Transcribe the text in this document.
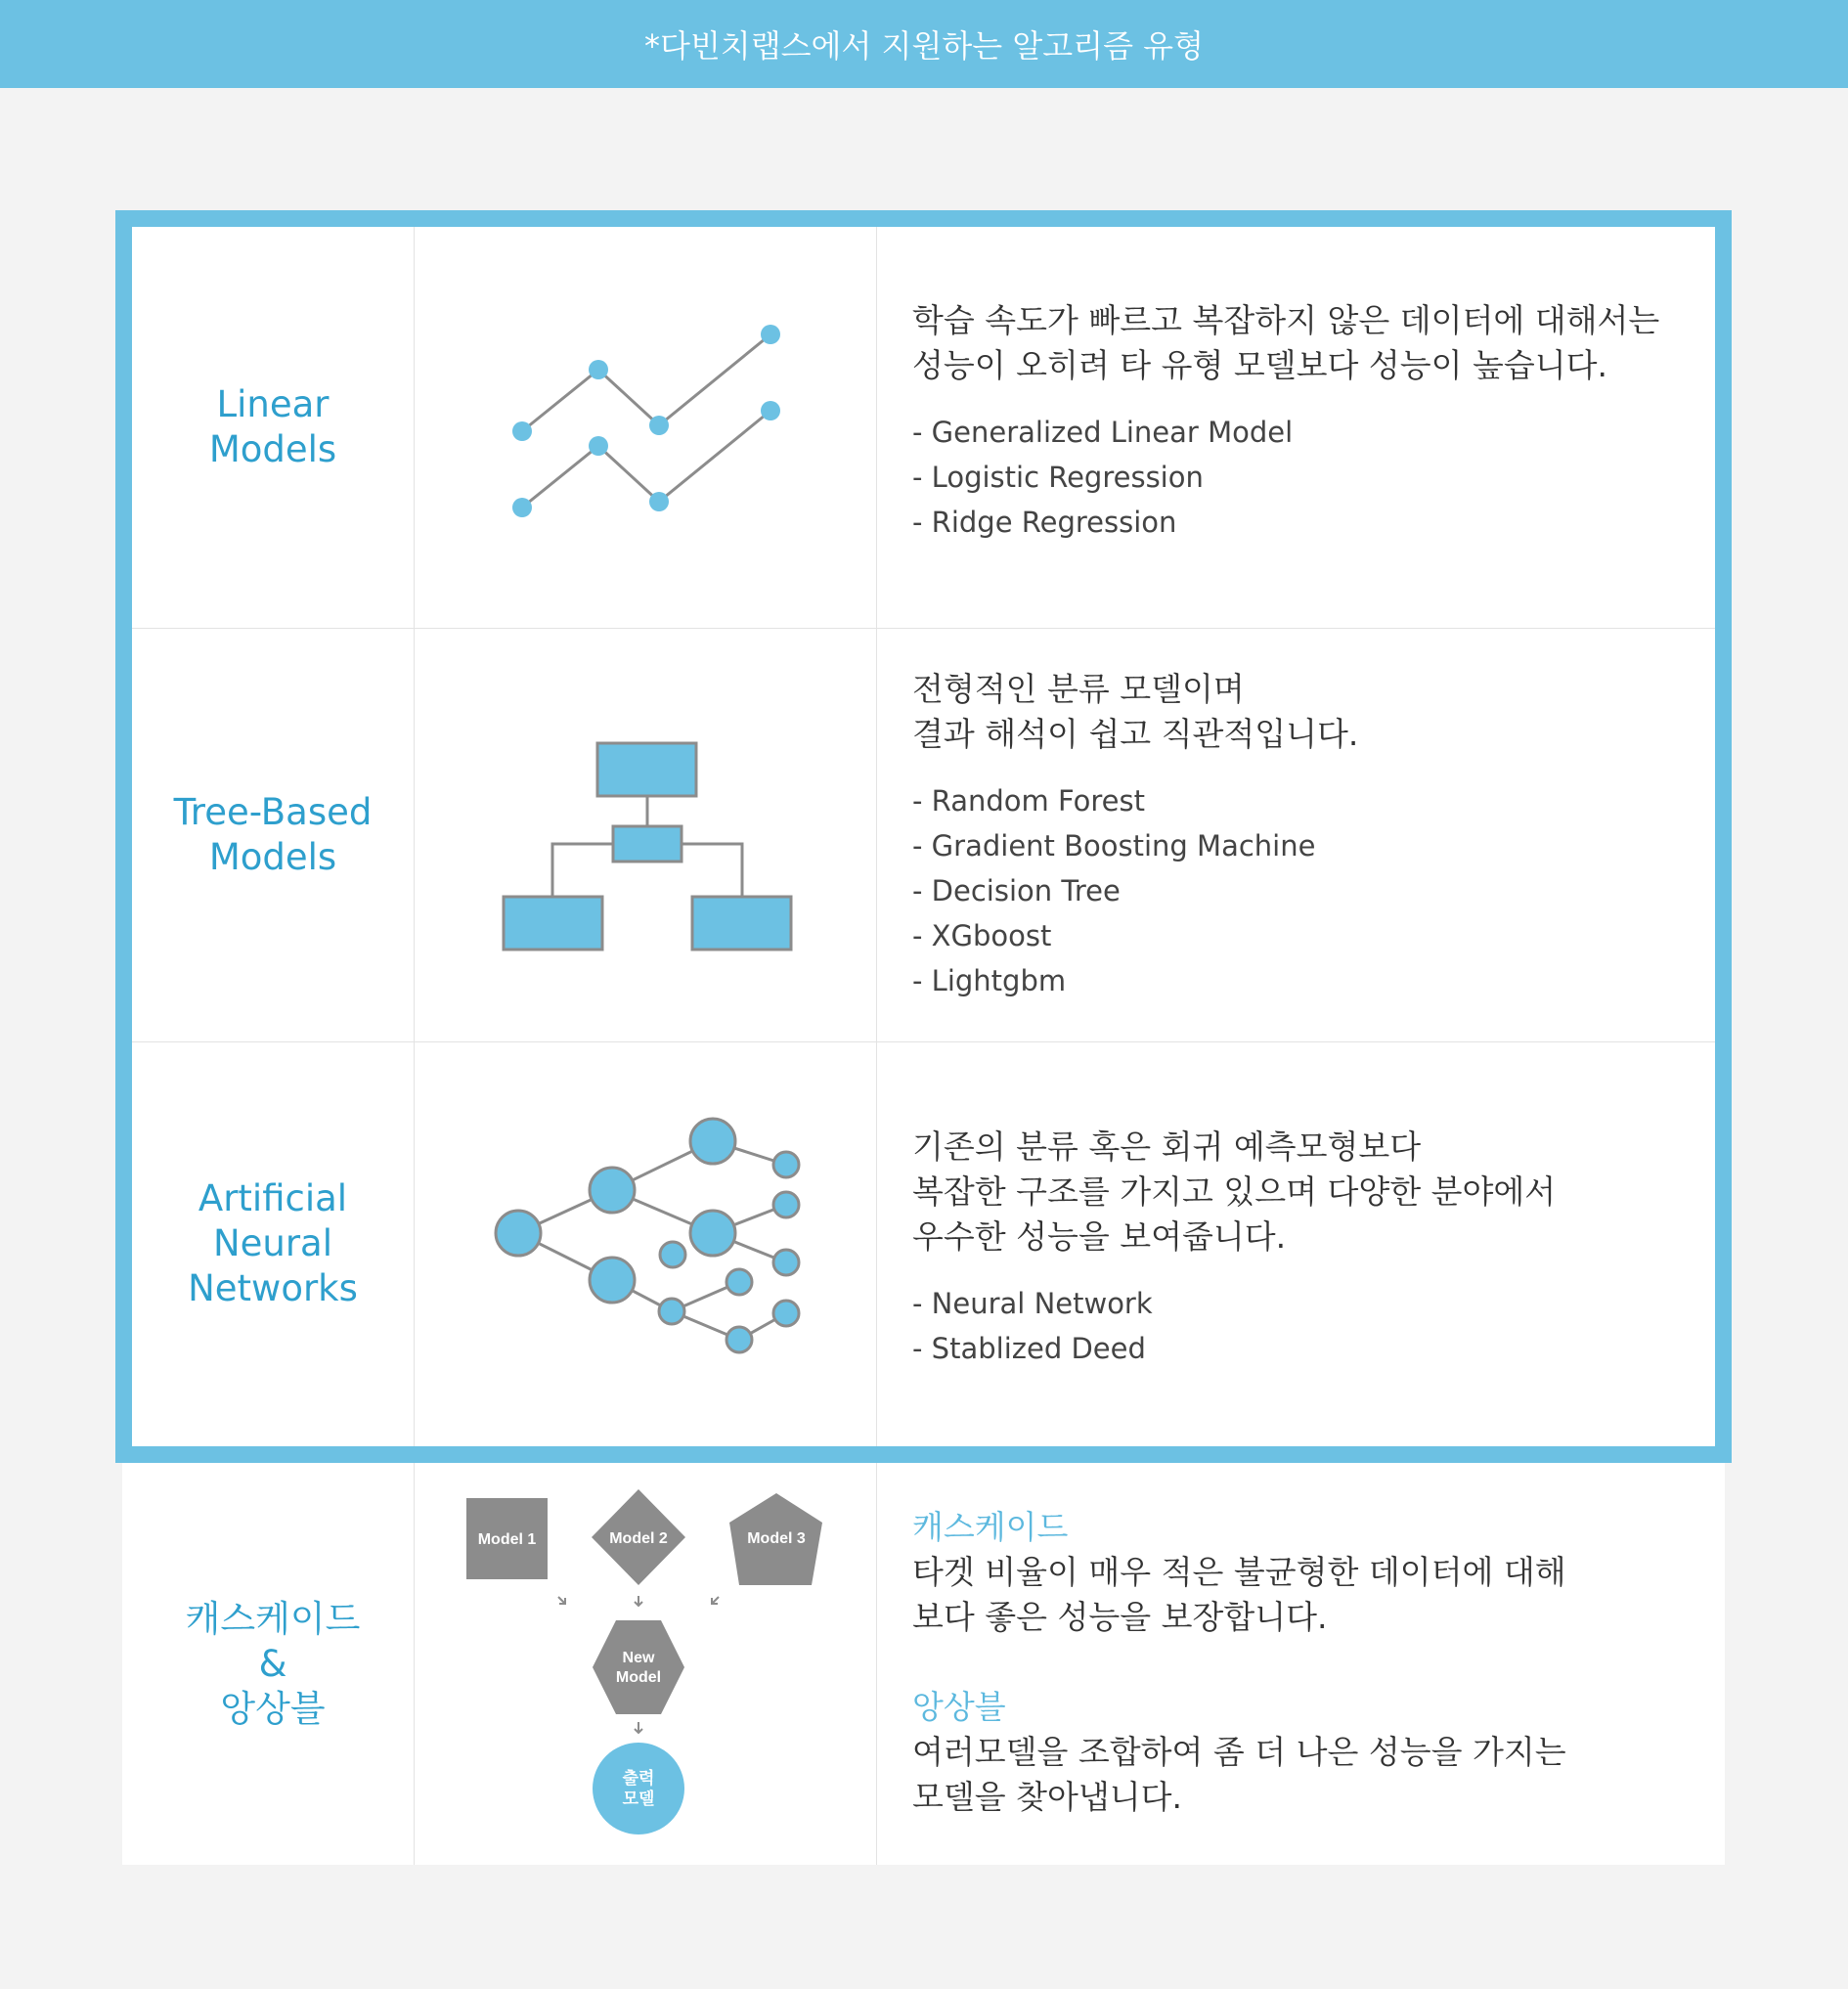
*다빈치랩스에서 지원하는 알고리즘 유형
Linear
Models

학습 속도가 빠르고 복잡하지 않은 데이터에 대해서는
성능이 오히려 타 유형 모델보다 성능이 높습니다.

- Generalized Linear Model
- Logistic Regression
- Ridge Regression
Tree-Based
Models

전형적인 분류 모델이며
결과 해석이 쉽고 직관적입니다.

- Random Forest
- Gradient Boosting Machine
- Decision Tree
- XGboost
- Lightgbm
Artificial
Neural
Networks

기존의 분류 혹은 회귀 예측모형보다
복잡한 구조를 가지고 있으며 다양한 분야에서
우수한 성능을 보여줍니다.

- Neural Network
- Stablized Deed
캐스케이드
&
앙상블
Model 1	Model 2	Model 3
New
Model
출력
모델

캐스케이드

타겟 비율이 매우 적은 불균형한 데이터에 대해
보다 좋은 성능을 보장합니다.

앙상블

여러모델을 조합하여 좀 더 나은 성능을 가지는
모델을 찾아냅니다.
